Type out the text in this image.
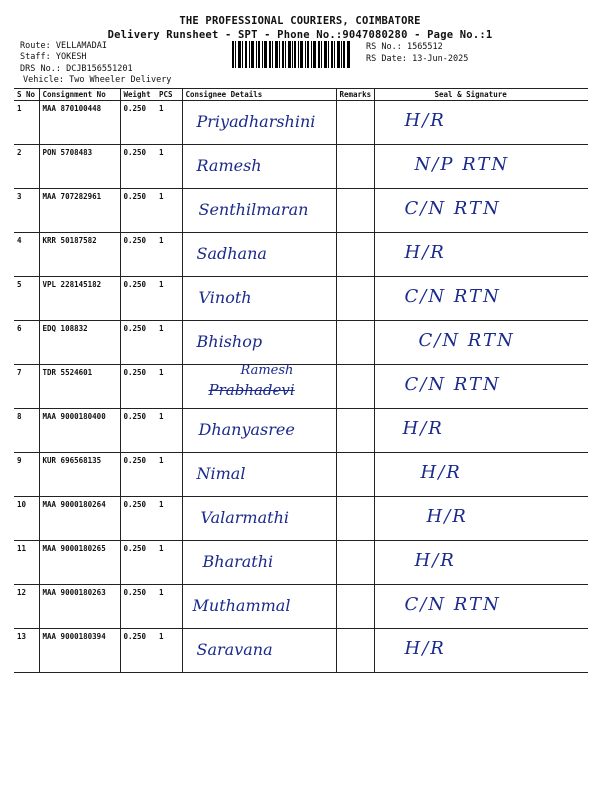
THE PROFESSIONAL COURIERS, COIMBATORE
Delivery Runsheet - SPT - Phone No.:9047080280 - Page No.:1
Route: VELLAMADAI
Staff: YOKESH
DRS No.: DCJB156551201
Vehicle: Two Wheeler Delivery
RS No.: 1565512
RS Date: 13-Jun-2025
S No	Consignment No	Weight	PCS	Consignee Details	Remarks	Seal & Signature
1	MAA 870100448	0.250	1	Priyadharshini		H/R

2	PON 5708483	0.250	1	Ramesh		N/P RTN

3	MAA 707282961	0.250	1	Senthilmaran		C/N RTN

4	KRR 50187582	0.250	1	Sadhana		H/R

5	VPL 228145182	0.250	1	Vinoth		C/N RTN

6	EDQ 108832	0.250	1	Bhishop		C/N RTN

7	TDR 5524601	0.250	1	Ramesh
Prabhadevi		C/N RTN

8	MAA 9000180400	0.250	1	Dhanyasree		H/R

9	KUR 696568135	0.250	1	Nimal		H/R

10	MAA 9000180264	0.250	1	Valarmathi		H/R

11	MAA 9000180265	0.250	1	Bharathi		H/R

12	MAA 9000180263	0.250	1	Muthammal		C/N RTN

13	MAA 9000180394	0.250	1	Saravana		H/R
